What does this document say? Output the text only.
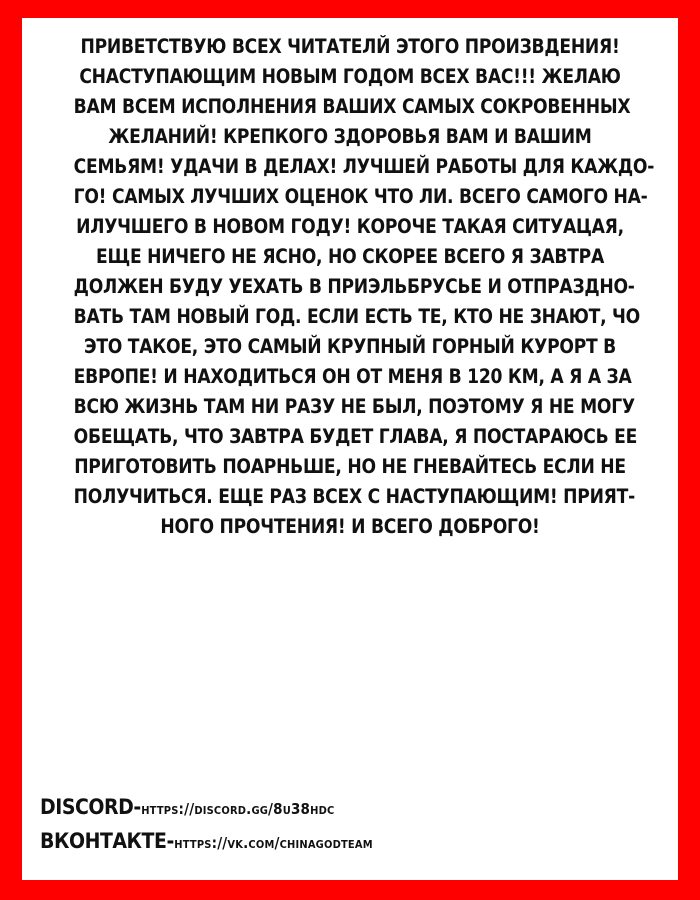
ПРИВЕТСТВУЮ ВСЕХ ЧИТАТЕЛЙ ЭТОГО ПРОИЗВДЕНИЯ!
СНАСТУПАЮЩИМ НОВЫМ ГОДОМ ВСЕХ ВАС!!! ЖЕЛАЮ
ВАМ ВСЕМ ИСПОЛНЕНИЯ ВАШИХ САМЫХ СОКРОВЕННЫХ
ЖЕЛАНИЙ! КРЕПКОГО ЗДОРОВЬЯ ВАМ И ВАШИМ
СЕМЬЯМ! УДАЧИ В ДЕЛАХ! ЛУЧШЕЙ РАБОТЫ ДЛЯ КАЖДО-
ГО! САМЫХ ЛУЧШИХ ОЦЕНОК ЧТО ЛИ. ВСЕГО САМОГО НА-
ИЛУЧШЕГО В НОВОМ ГОДУ! КОРОЧЕ ТАКАЯ СИТУАЦАЯ,
ЕЩЕ НИЧЕГО НЕ ЯСНО, НО СКОРЕЕ ВСЕГО Я ЗАВТРА
ДОЛЖЕН БУДУ УЕХАТЬ В ПРИЭЛЬБРУСЬЕ И ОТПРАЗДНО-
ВАТЬ ТАМ НОВЫЙ ГОД. ЕСЛИ ЕСТЬ ТЕ, КТО НЕ ЗНАЮТ, ЧО
ЭТО ТАКОЕ, ЭТО САМЫЙ КРУПНЫЙ ГОРНЫЙ КУРОРТ В
ЕВРОПЕ! И НАХОДИТЬСЯ ОН ОТ МЕНЯ В 120 КМ, А Я А ЗА
ВСЮ ЖИЗНЬ ТАМ НИ РАЗУ НЕ БЫЛ, ПОЭТОМУ Я НЕ МОГУ
ОБЕЩАТЬ, ЧТО ЗАВТРА БУДЕТ ГЛАВА, Я ПОСТАРАЮСЬ ЕЕ
ПРИГОТОВИТЬ ПОАРНЬШЕ, НО НЕ ГНЕВАЙТЕСЬ ЕСЛИ НЕ
ПОЛУЧИТЬСЯ. ЕЩЕ РАЗ ВСЕХ С НАСТУПАЮЩИМ! ПРИЯТ-
НОГО ПРОЧТЕНИЯ! И ВСЕГО ДОБРОГО!

DISCORD-https://discord.gg/8u38hdc
ВКОНТАКТЕ-https://vk.com/chinagodteam
